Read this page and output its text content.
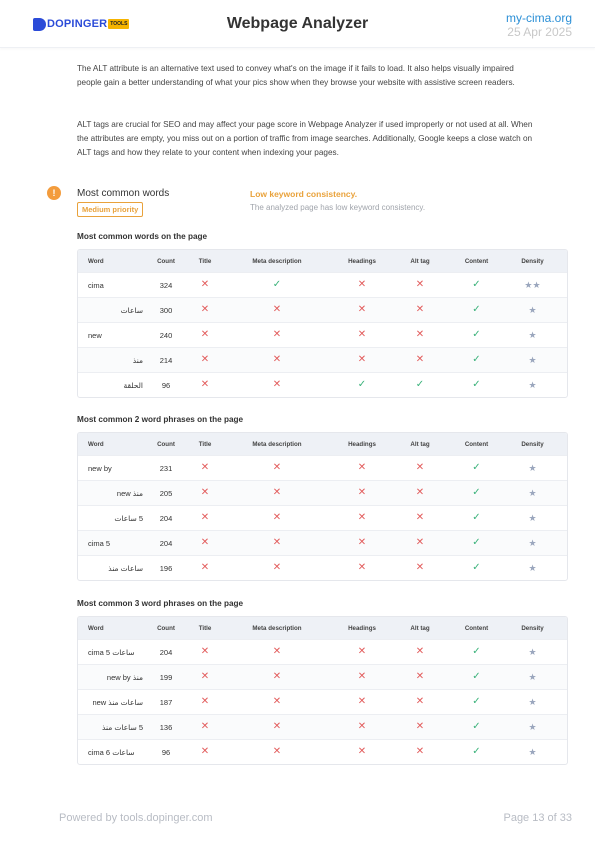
DOPINGER TOOLS	Webpage Analyzer	my-cima.org
25 Apr 2025

The ALT attribute is an alternative text used to convey what's on the image if it fails to load. It also helps visually impaired people gain a better understanding of what your pics show when they browse your website with assistive screen readers.

ALT tags are crucial for SEO and may affect your page score in Webpage Analyzer if used improperly or not used at all. When the attributes are empty, you miss out on a portion of traffic from image searches. Additionally, Google keeps a close watch on ALT tags and how they relate to your content when indexing your pages.

!	Most common words
Medium priority
Low keyword consistency.
The analyzed page has low keyword consistency.
Most common words on the page
Word	Count	Title	Meta description	Headings	Alt tag	Content	Density
cima	324	✕	✓	✕	✕	✓	★★
ساعات	300	✕	✕	✕	✕	✓	★
new	240	✕	✕	✕	✕	✓	★
منذ	214	✕	✕	✕	✕	✓	★
الحلقة	96	✕	✕	✓	✓	✓	★
Most common 2 word phrases on the page
Word	Count	Title	Meta description	Headings	Alt tag	Content	Density
new by	231	✕	✕	✕	✕	✓	★
منذ new	205	✕	✕	✕	✕	✓	★
5 ساعات	204	✕	✕	✕	✕	✓	★
cima 5	204	✕	✕	✕	✕	✓	★
ساعات منذ	196	✕	✕	✕	✕	✓	★
Most common 3 word phrases on the page
Word	Count	Title	Meta description	Headings	Alt tag	Content	Density
cima 5 ساعات	204	✕	✕	✕	✕	✓	★
منذ new by	199	✕	✕	✕	✕	✓	★
ساعات منذ new	187	✕	✕	✕	✕	✓	★
5 ساعات منذ	136	✕	✕	✕	✕	✓	★
cima 6 ساعات	96	✕	✕	✕	✕	✓	★
Powered by tools.dopinger.com	Page 13 of 33
